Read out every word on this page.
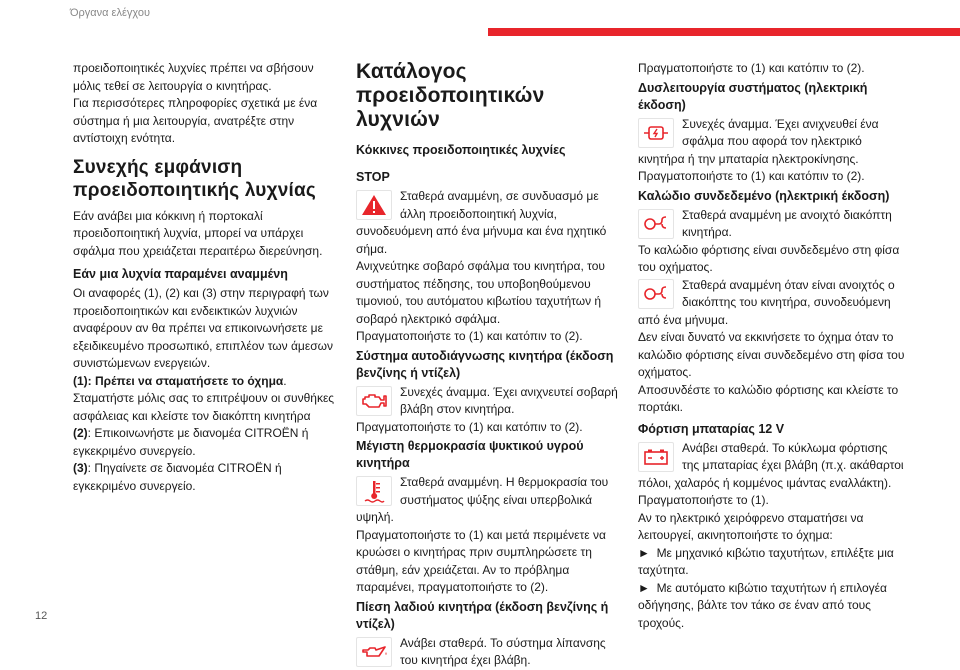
Όργανα ελέγχου

προειδοποιητικές λυχνίες πρέπει να σβήσουν μόλις τεθεί σε λειτουργία ο κινητήρας.

Για περισσότερες πληροφορίες σχετικά με ένα σύστημα ή μια λειτουργία, ανατρέξτε στην αντίστοιχη ενότητα.

Συνεχής εμφάνιση προειδοποιητικής λυχνίας

Εάν ανάβει μια κόκκινη ή πορτοκαλί προειδοποιητική λυχνία, μπορεί να υπάρχει σφάλμα που χρειάζεται περαιτέρω διερεύνηση.

Εάν μια λυχνία παραμένει αναμμένη

Οι αναφορές (1), (2) και (3) στην περιγραφή των προειδοποιητικών και ενδεικτικών λυχνιών αναφέρουν αν θα πρέπει να επικοινωνήσετε με εξειδικευμένο προσωπικό, επιπλέον των άμεσων συνιστώμενων ενεργειών.

(1): Πρέπει να σταματήσετε το όχημα. Σταματήστε μόλις σας το επιτρέψουν οι συνθήκες ασφάλειας και κλείστε τον διακόπτη κινητήρα

(2): Επικοινωνήστε με διανομέα CITROËN ή εγκεκριμένο συνεργείο.

(3): Πηγαίνετε σε διανομέα CITROËN ή εγκεκριμένο συνεργείο.

Κατάλογος προειδοποιητικών λυχνιών
Κόκκινες προειδοποιητικές λυχνίες
STOP

Σταθερά αναμμένη, σε συνδυασμό με άλλη προειδοποιητική λυχνία, συνοδευόμενη από ένα μήνυμα και ένα ηχητικό σήμα.

Ανιχνεύτηκε σοβαρό σφάλμα του κινητήρα, του συστήματος πέδησης, του υποβοηθούμενου τιμονιού, του αυτόματου κιβωτίου ταχυτήτων ή σοβαρό ηλεκτρικό σφάλμα.

Πραγματοποιήστε το (1) και κατόπιν το (2).

Σύστημα αυτοδιάγνωσης κινητήρα (έκδοση βενζίνης ή ντίζελ)

Συνεχές άναμμα. Έχει ανιχνευτεί σοβαρή βλάβη στον κινητήρα.

Πραγματοποιήστε το (1) και κατόπιν το (2).

Μέγιστη θερμοκρασία ψυκτικού υγρού κινητήρα

Σταθερά αναμμένη. Η θερμοκρασία του συστήματος ψύξης είναι υπερβολικά υψηλή.

Πραγματοποιήστε το (1) και μετά περιμένετε να κρυώσει ο κινητήρας πριν συμπληρώσετε τη στάθμη, εάν χρειάζεται. Αν το πρόβλημα παραμένει, πραγματοποιήστε το (2).

Πίεση λαδιού κινητήρα (έκδοση βενζίνης ή ντίζελ)

Ανάβει σταθερά. Το σύστημα λίπανσης του κινητήρα έχει βλάβη.

Πραγματοποιήστε το (1) και κατόπιν το (2).

Δυσλειτουργία συστήματος (ηλεκτρική έκδοση)

Συνεχές άναμμα. Έχει ανιχνευθεί ένα σφάλμα που αφορά τον ηλεκτρικό κινητήρα ή την μπαταρία ηλεκτροκίνησης.

Πραγματοποιήστε το (1) και κατόπιν το (2).

Καλώδιο συνδεδεμένο (ηλεκτρική έκδοση)

Σταθερά αναμμένη με ανοιχτό διακόπτη κινητήρα.

Το καλώδιο φόρτισης είναι συνδεδεμένο στη φίσα του οχήματος.

Σταθερά αναμμένη όταν είναι ανοιχτός ο διακόπτης του κινητήρα, συνοδευόμενη από ένα μήνυμα.

Δεν είναι δυνατό να εκκινήσετε το όχημα όταν το καλώδιο φόρτισης είναι συνδεδεμένο στη φίσα του οχήματος.

Αποσυνδέστε το καλώδιο φόρτισης και κλείστε το πορτάκι.

Φόρτιση μπαταρίας 12 V

Ανάβει σταθερά. Το κύκλωμα φόρτισης της μπαταρίας έχει βλάβη (π.χ. ακάθαρτοι πόλοι, χαλαρός ή κομμένος ιμάντας εναλλάκτη).

Πραγματοποιήστε το (1).

Αν το ηλεκτρικό χειρόφρενο σταματήσει να λειτουργεί, ακινητοποιήστε το όχημα:

► Με μηχανικό κιβώτιο ταχυτήτων, επιλέξτε μια ταχύτητα.

► Με αυτόματο κιβώτιο ταχυτήτων ή επιλογέα οδήγησης, βάλτε τον τάκο σε έναν από τους τροχούς.

12
